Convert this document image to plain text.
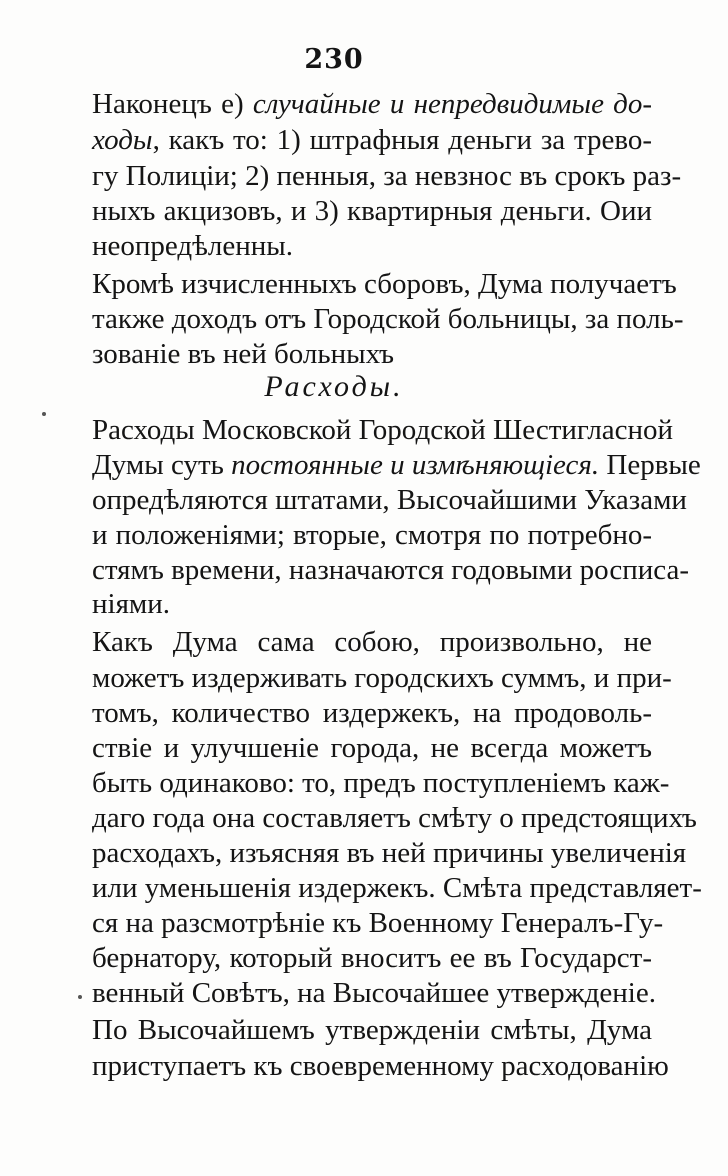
230
Наконецъ е) случайные и непредвидимые до-
ходы, какъ то: 1) штрафныя деньги за трево-
гу Полиціи; 2) пенныя, за невзнос въ срокъ раз-
ныхъ акцизовъ, и 3) квартирныя деньги. Оии
неопредѣленны.
Кромѣ изчисленныхъ сборовъ, Дума получаетъ
также доходъ отъ Городской больницы, за поль-
зованіе въ ней больныхъ
Расходы.
Расходы Московской Городской Шестигласной
Думы суть постоянные и измѣняющіеся. Первые
опредѣляются штатами, Высочайшими Указами
и положеніями; вторые, смотря по потребно-
стямъ времени, назначаются годовыми росписа-
ніями.
Какъ Дума сама собою, произвольно, не
можетъ издерживать городскихъ суммъ, и при-
томъ, количество издержекъ, на продоволь-
ствіе и улучшеніе города, не всегда можетъ
быть одинаково: то, предъ поступленіемъ каж-
даго года она составляетъ смѣту о предстоящихъ
расходахъ, изъясняя въ ней причины увеличенія
или уменьшенія издержекъ. Смѣта представляет-
ся на разсмотрѣніе къ Военному Генералъ-Гу-
бернатору, который вноситъ ее въ Государст-
венный Совѣтъ, на Высочайшее утвержденіе.
По Высочайшемъ утвержденіи смѣты, Дума
приступаетъ къ своевременному расходованію
